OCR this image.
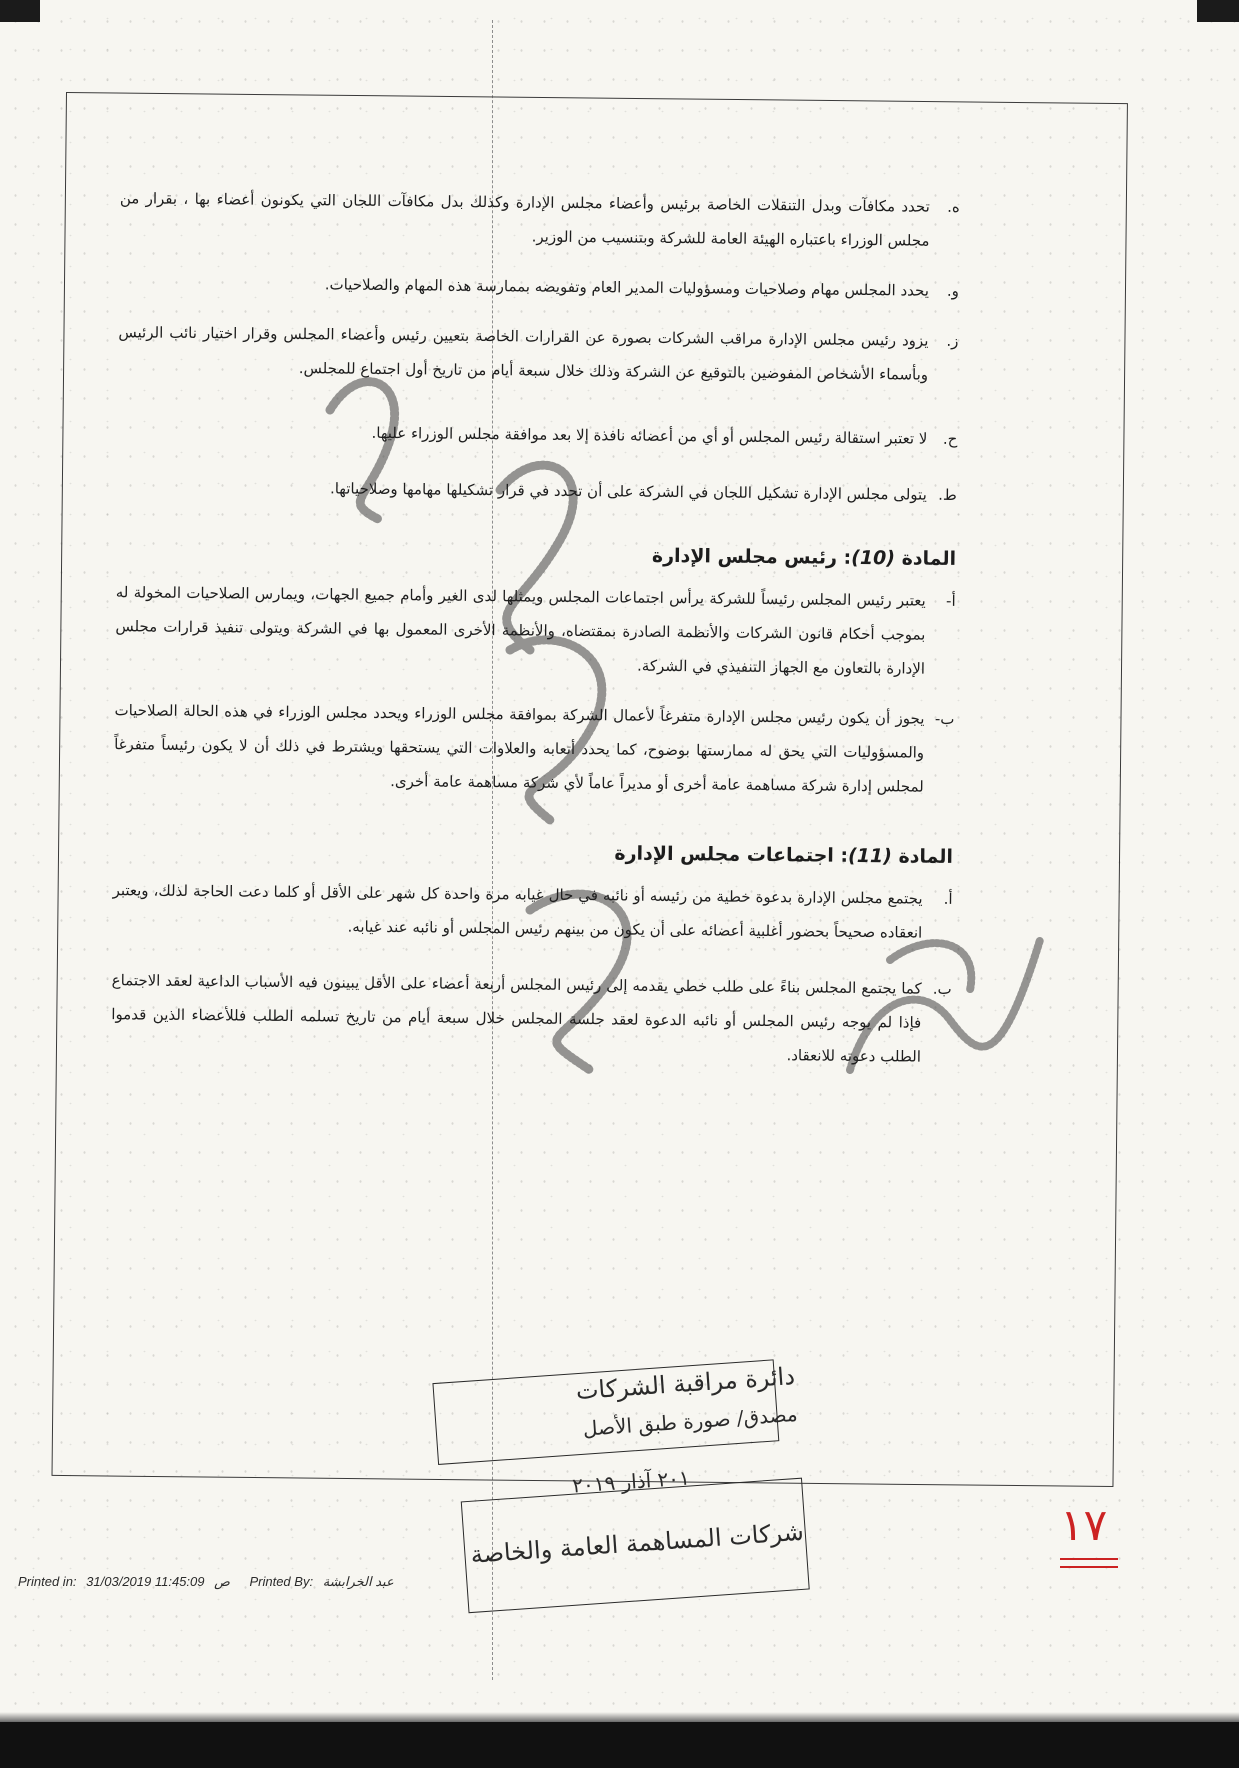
ه.
تحدد مكافآت وبدل التنقلات الخاصة برئيس وأعضاء مجلس الإدارة وكذلك بدل مكافآت اللجان التي يكونون أعضاء بها ، بقرار من مجلس الوزراء باعتباره الهيئة العامة للشركة وبتنسيب من الوزير.
و.
يحدد المجلس مهام وصلاحيات ومسؤوليات المدير العام وتفويضه بممارسة هذه المهام والصلاحيات.
ز.
يزود رئيس مجلس الإدارة مراقب الشركات بصورة عن القرارات الخاصة بتعيين رئيس وأعضاء المجلس وقرار اختيار نائب الرئيس وبأسماء الأشخاص المفوضين بالتوقيع عن الشركة وذلك خلال سبعة أيام من تاريخ أول اجتماع للمجلس.
ح.
لا تعتبر استقالة رئيس المجلس أو أي من أعضائه نافذة إلا بعد موافقة مجلس الوزراء عليها.
ط.
يتولى مجلس الإدارة تشكيل اللجان في الشركة على أن تحدد في قرار تشكيلها مهامها وصلاحياتها.
المادة (10): رئيس مجلس الإدارة
أ-
يعتبر رئيس المجلس رئيساً للشركة يرأس اجتماعات المجلس ويمثلها لدى الغير وأمام جميع الجهات، ويمارس الصلاحيات المخولة له بموجب أحكام قانون الشركات والأنظمة الصادرة بمقتضاه، والأنظمة الأخرى المعمول بها في الشركة ويتولى تنفيذ قرارات مجلس الإدارة بالتعاون مع الجهاز التنفيذي في الشركة.
ب-
يجوز أن يكون رئيس مجلس الإدارة متفرغاً لأعمال الشركة بموافقة مجلس الوزراء ويحدد مجلس الوزراء في هذه الحالة الصلاحيات والمسؤوليات التي يحق له ممارستها بوضوح، كما يحدد أتعابه والعلاوات التي يستحقها ويشترط في ذلك أن لا يكون رئيساً متفرغاً لمجلس إدارة شركة مساهمة عامة أخرى أو مديراً عاماً لأي شركة مساهمة عامة أخرى.
المادة (11): اجتماعات مجلس الإدارة
أ.
يجتمع مجلس الإدارة بدعوة خطية من رئيسه أو نائبه في حال غيابه مرة واحدة كل شهر على الأقل أو كلما دعت الحاجة لذلك، ويعتبر انعقاده صحيحاً بحضور أغلبية أعضائه على أن يكون من بينهم رئيس المجلس أو نائبه عند غيابه.
ب.
كما يجتمع المجلس بناءً على طلب خطي يقدمه إلى رئيس المجلس أربعة أعضاء على الأقل يبينون فيه الأسباب الداعية لعقد الاجتماع فإذا لم يوجه رئيس المجلس أو نائبه الدعوة لعقد جلسة المجلس خلال سبعة أيام من تاريخ تسلمه الطلب فللأعضاء الذين قدموا الطلب دعوته للانعقاد.
دائرة مراقبة الشركات
مصدق/ صورة طبق الأصل
٢٠١ آذار ٢٠١٩
شركات المساهمة العامة والخاصة	١٧
Printed in: 31/03/2019 11:45:09 ص Printed By: عبد الخرابشة
